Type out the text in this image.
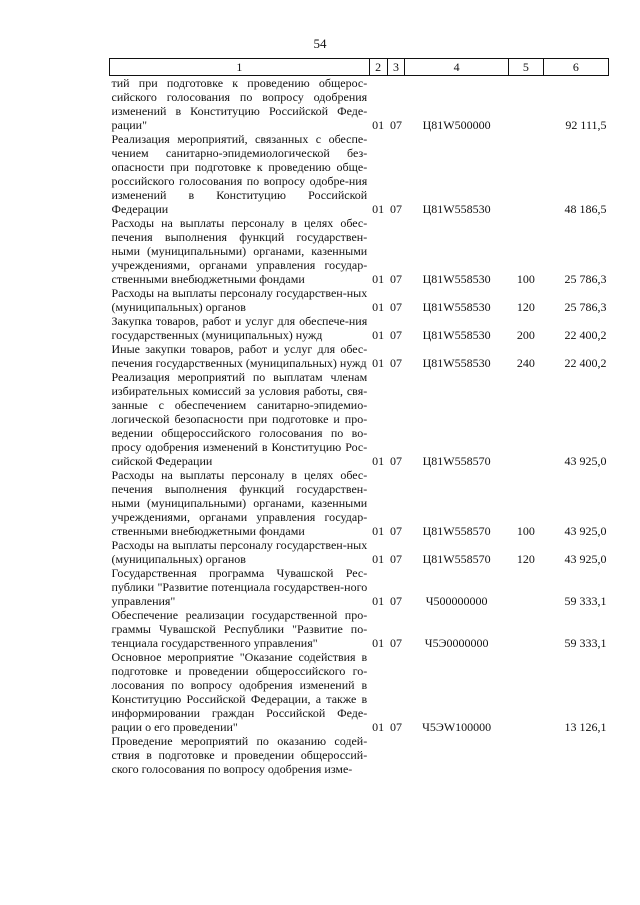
54
1	2	3	4	5	6
тий при подготовке к проведению общерос-сийского голосования по вопросу одобрения изменений в Конституцию Российской Феде-рации"	01	07	Ц81W500000		92 111,5
Реализация мероприятий, связанных с обеспе-чением санитарно-эпидемиологической без-опасности при подготовке к проведению обще-российского голосования по вопросу одобре-ния изменений в Конституцию Российской Федерации	01	07	Ц81W558530		48 186,5
Расходы на выплаты персоналу в целях обес-печения выполнения функций государствен-ными (муниципальными) органами, казенными учреждениями, органами управления государ-ственными внебюджетными фондами	01	07	Ц81W558530	100	25 786,3
Расходы на выплаты персоналу государствен-ных (муниципальных) органов	01	07	Ц81W558530	120	25 786,3
Закупка товаров, работ и услуг для обеспече-ния государственных (муниципальных) нужд	01	07	Ц81W558530	200	22 400,2
Иные закупки товаров, работ и услуг для обес-печения государственных (муниципальных) нужд	01	07	Ц81W558530	240	22 400,2
Реализация мероприятий по выплатам членам избирательных комиссий за условия работы, свя-занные с обеспечением санитарно-эпидемио-логической безопасности при подготовке и про-ведении общероссийского голосования по во-просу одобрения изменений в Конституцию Рос-сийской Федерации	01	07	Ц81W558570		43 925,0
Расходы на выплаты персоналу в целях обес-печения выполнения функций государствен-ными (муниципальными) органами, казенными учреждениями, органами управления государ-ственными внебюджетными фондами	01	07	Ц81W558570	100	43 925,0
Расходы на выплаты персоналу государствен-ных (муниципальных) органов	01	07	Ц81W558570	120	43 925,0
Государственная программа Чувашской Рес-публики "Развитие потенциала государствен-ного управления"	01	07	Ч500000000		59 333,1
Обеспечение реализации государственной про-граммы Чувашской Республики "Развитие по-тенциала государственного управления"	01	07	Ч5Э0000000		59 333,1
Основное мероприятие "Оказание содействия в подготовке и проведении общероссийского го-лосования по вопросу одобрения изменений в Конституцию Российской Федерации, а также в информировании граждан Российской Феде-рации о его проведении"	01	07	Ч5ЭW100000		13 126,1
Проведение мероприятий по оказанию содей-ствия в подготовке и проведении общероссий-ского голосования по вопросу одобрения изме-					
